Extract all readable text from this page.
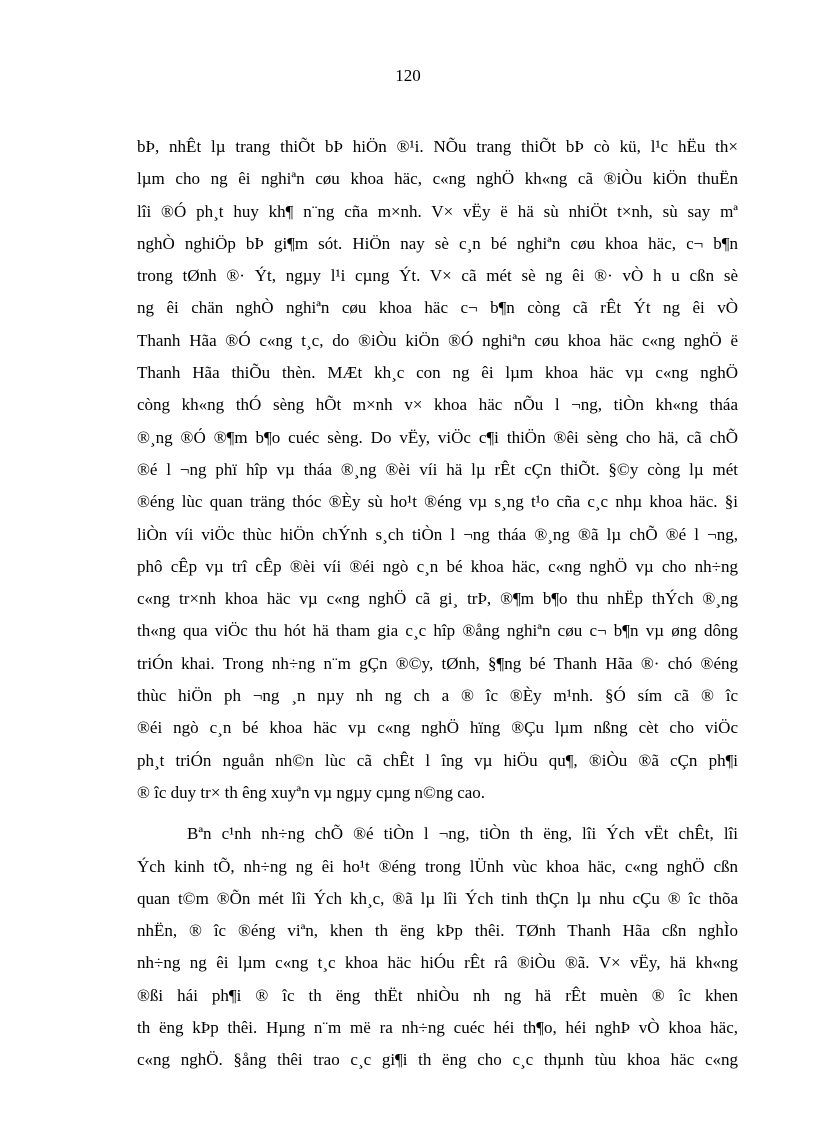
120
bÞ, nhÊt lµ trang thiÕt bÞ hiÖn ®¹i. NÕu trang thiÕt bÞ cò kü, l¹c hËu th×
lµm cho ng êi nghiªn cøu khoa häc, c«ng nghÖ kh«ng cã ®iÒu kiÖn thuËn
lîi ®Ó ph¸t huy kh¶ n¨ng cña m×nh. V× vËy ë hä sù nhiÖt t×nh, sù say mª
nghÒ nghiÖp bÞ gi¶m sót. HiÖn nay sè c¸n bé nghiªn cøu khoa häc, c¬ b¶n
trong tØnh ®· Ýt, ngµy l¹i cµng Ýt. V× cã mét sè ng êi ®· vÒ h u cßn sè
ng êi chän nghÒ nghiªn cøu khoa häc c¬ b¶n còng cã rÊt Ýt ng êi vÒ
Thanh Hãa ®Ó c«ng t¸c, do ®iÒu kiÖn ®Ó nghiªn cøu khoa häc c«ng nghÖ ë
Thanh Hãa thiÕu thèn. MÆt kh¸c con ng êi lµm khoa häc vµ c«ng nghÖ
còng kh«ng thÓ sèng hÕt m×nh v× khoa häc nÕu l ¬ng, tiÒn kh«ng tháa
®¸ng ®Ó ®¶m b¶o cuéc sèng. Do vËy, viÖc c¶i thiÖn ®êi sèng cho hä, cã chÕ
®é l ¬ng phï hîp vµ tháa ®¸ng ®èi víi hä lµ rÊt cÇn thiÕt. §©y còng lµ mét
®éng lùc quan träng thóc ®Èy sù ho¹t ®éng vµ s¸ng t¹o cña c¸c nhµ khoa häc. §i
liÒn víi viÖc thùc hiÖn chÝnh s¸ch tiÒn l ¬ng tháa ®¸ng ®ã lµ chÕ ®é l ¬ng,
phô cÊp vµ trî cÊp ®èi víi ®éi ngò c¸n bé khoa häc, c«ng nghÖ vµ cho nh÷ng
c«ng tr×nh khoa häc vµ c«ng nghÖ cã gi¸ trÞ, ®¶m b¶o thu nhËp thÝch ®¸ng
th«ng qua viÖc thu hót hä tham gia c¸c hîp ®ång nghiªn cøu c¬ b¶n vµ øng dông
triÓn khai. Trong nh÷ng n¨m gÇn ®©y, tØnh, §¶ng bé Thanh Hãa ®· chó ®éng
thùc hiÖn ph ¬ng ¸n nµy nh ng ch a ® îc ®Èy m¹nh. §Ó sím cã ® îc
®éi ngò c¸n bé khoa häc vµ c«ng nghÖ hïng ®Çu lµm nßng cèt cho viÖc
ph¸t triÓn nguån nh©n lùc cã chÊt l îng vµ hiÖu qu¶, ®iÒu ®ã cÇn ph¶i
® îc duy tr× th êng xuyªn vµ ngµy cµng n©ng cao.
Bªn c¹nh nh÷ng chÕ ®é tiÒn l ¬ng, tiÒn th ëng, lîi Ých vËt chÊt, lîi
Ých kinh tÕ, nh÷ng ng êi ho¹t ®éng trong lÜnh vùc khoa häc, c«ng nghÖ cßn
quan t©m ®Õn mét lîi Ých kh¸c, ®ã lµ lîi Ých tinh thÇn lµ nhu cÇu ® îc thõa
nhËn, ® îc ®éng viªn, khen th ëng kÞp thêi. TØnh Thanh Hãa cßn nghÌo
nh÷ng ng êi lµm c«ng t¸c khoa häc hiÓu rÊt râ ®iÒu ®ã. V× vËy, hä kh«ng
®ßi hái ph¶i ® îc th ëng thËt nhiÒu nh ng hä rÊt muèn ® îc khen
th ëng kÞp thêi. Hµng n¨m më ra nh÷ng cuéc héi th¶o, héi nghÞ vÒ khoa häc,
c«ng nghÖ. §ång thêi trao c¸c gi¶i th ëng cho c¸c thµnh tùu khoa häc c«ng
